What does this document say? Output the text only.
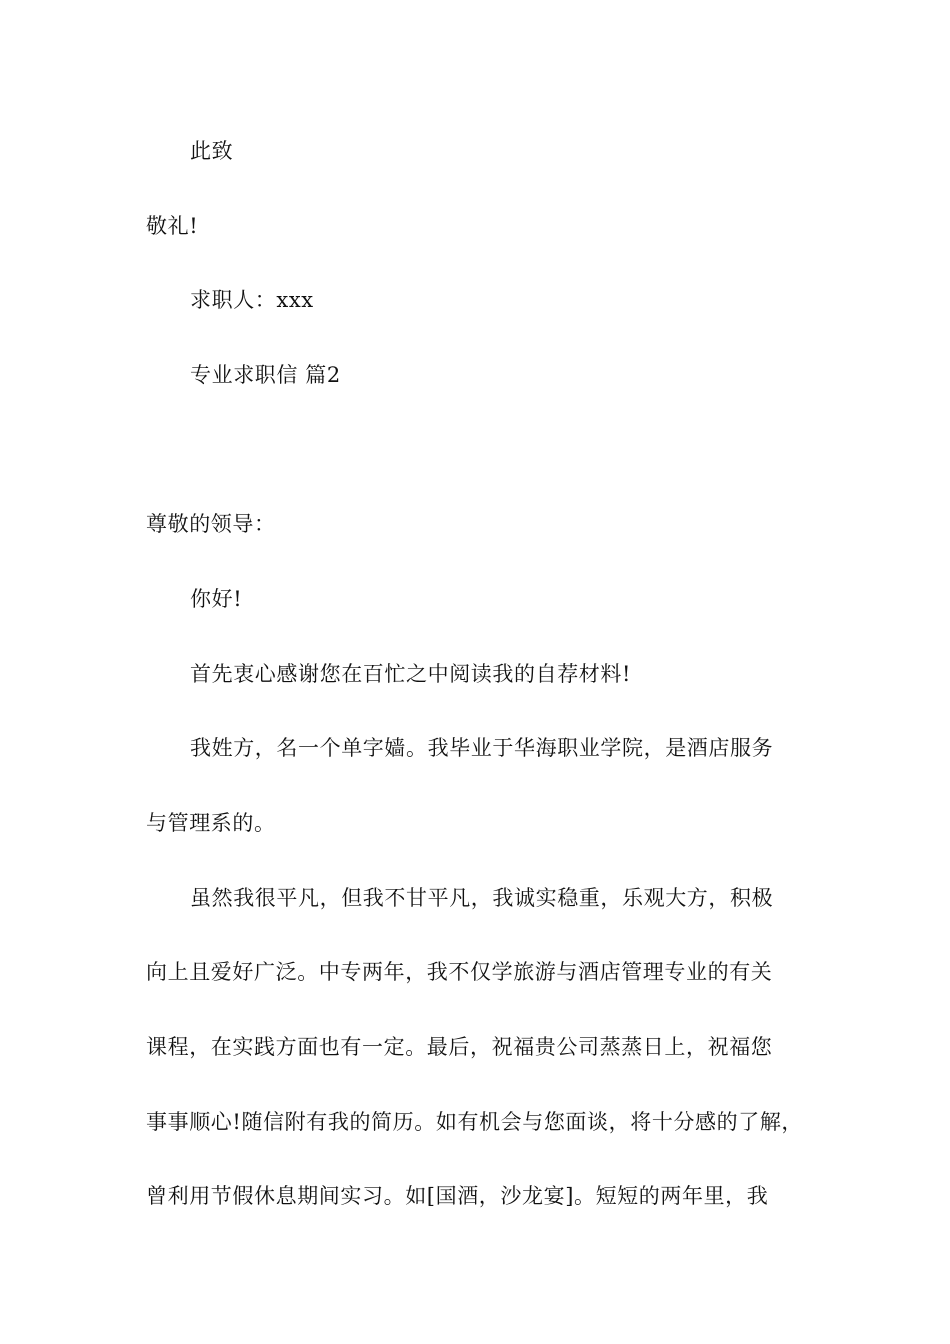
此致
敬礼!
求职人：xxx
专业求职信 篇2
尊敬的领导：
你好!
首先衷心感谢您在百忙之中阅读我的自荐材料!
我姓方，名一个单字嫱。我毕业于华海职业学院，是酒店服务
与管理系的。
虽然我很平凡，但我不甘平凡，我诚实稳重，乐观大方，积极
向上且爱好广泛。中专两年，我不仅学旅游与酒店管理专业的有关
课程，在实践方面也有一定。最后，祝福贵公司蒸蒸日上，祝福您
事事顺心!随信附有我的简历。如有机会与您面谈，将十分感的了解，
曾利用节假休息期间实习。如[国酒，沙龙宴]。短短的两年里，我
